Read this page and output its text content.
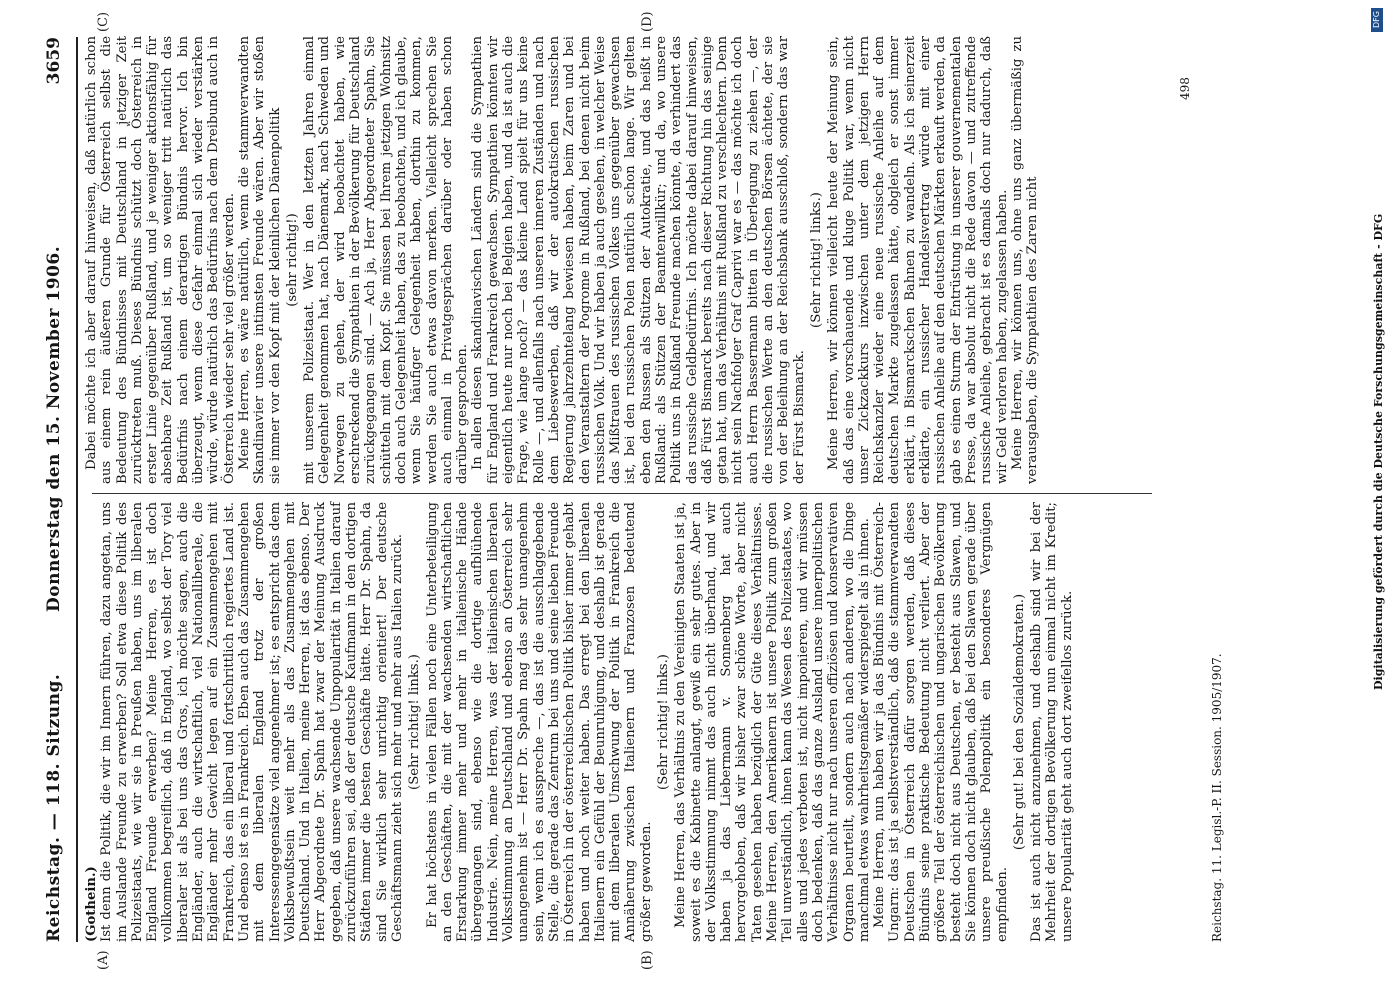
Reichstag. — 118. Sitzung.
Donnerstag den 15. November 1906.
3659

(Gothein.) Ist denn die Politik, die wir im Innern führen, dazu angetan, uns im Auslande Freunde zu erwerben? Soll etwa diese Politik des Polizeistaats, wie wir sie in Preußen haben, uns im liberalen England Freunde erwerben? Meine Herren, es ist doch vollkommen begreiflich, daß in England, wo selbst der Tory viel liberaler ist als bei uns das Gros, ich möchte sagen, auch die Engländer, auch die wirtschaftlich, viel Nationalliberale, die Engländer mehr Gewicht legen auf ein Zusammengehen mit Frankreich, das ein liberal und fortschrittlich regiertes Land ist. Und ebenso ist es in Frankreich. Eben auch das Zusammengehen mit dem liberalen England trotz der großen Interessengegensätze viel angenehmer ist; es entspricht das dem Volksbewußtsein weit mehr als das Zusammengehen mit Deutschland. Und in Italien, meine Herren, ist das ebenso. Der Herr Abgeordnete Dr. Spahn hat zwar der Meinung Ausdruck gegeben, daß unsere wachsende Unpopularität in Italien darauf zurückzuführen sei, daß der deutsche Kaufmann in den dortigen Städten immer die besten Geschäfte hätte. Herr Dr. Spahn, da sind Sie wirklich sehr unrichtig orientiert! Der deutsche Geschäftsmann zieht sich mehr und mehr aus Italien zurück. (Sehr richtig! links.) Er hat höchstens in vielen Fällen noch eine Unterbeteiligung an den Geschäften, die mit der wachsenden wirtschaftlichen Erstarkung immer mehr und mehr in italienische Hände übergegangen sind, ebenso wie die dortige aufblühende Industrie. Nein, meine Herren, was der italienischen liberalen Volksstimmung an Deutschland und ebenso an Österreich sehr unangenehm ist — Herr Dr. Spahn mag das sehr unangenehm sein, wenn ich es ausspreche —, das ist die ausschlaggebende Stelle, die gerade das Zentrum bei uns und seine lieben Freunde in Österreich in der österreichischen Politik bisher immer gehabt haben und noch weiter haben. Das erregt bei den liberalen Italienern ein Gefühl der Beunruhigung, und deshalb ist gerade mit dem liberalen Umschwung der Politik in Frankreich die Annäherung zwischen Italienern und Franzosen bedeutend größer geworden.

(Sehr richtig! links.) Meine Herren, das Verhältnis zu den Vereinigten Staaten ist ja, soweit es die Kabinette anlangt, gewiß ein sehr gutes. Aber in der Volksstimmung nimmt das auch nicht überhand, und wir haben ja das Liebermann v. Sonnenberg hat auch hervorgehoben, daß wir bisher zwar schöne Worte, aber nicht Taten gesehen haben bezüglich der Güte dieses Verhältnisses. Meine Herren, den Amerikanern ist unsere Politik zum großen Teil unverständlich, ihnen kann das Wesen des Polizeistaates, wo alles und jedes verboten ist, nicht imponieren, und wir müssen doch bedenken, daß das ganze Ausland unsere innerpolitischen Verhältnisse nicht nur nach unseren offiziösen und konservativen Organen beurteilt, sondern auch nach anderen, wo die Dinge manchmal etwas wahrheitsgemäßer widerspiegelt als in ihnen. Meine Herren, nun haben wir ja das Bündnis mit Österreich-Ungarn: das ist ja selbstverständlich, daß die stammverwandten Deutschen in Österreich dafür sorgen werden, daß dieses Bündnis seine praktische Bedeutung nicht verliert. Aber der größere Teil der österreichischen und ungarischen Bevölkerung besteht doch nicht aus Deutschen, er besteht aus Slawen, und Sie können doch nicht glauben, daß bei den Slawen gerade über unsere preußische Polenpolitik ein besonderes Vergnügen empfinden.

(Sehr gut! bei den Sozialdemokraten.) Das ist auch nicht anzunehmen, und deshalb sind wir bei der Mehrheit der dortigen Bevölkerung nun einmal nicht im Kredit; unsere Popularität geht auch dort zweifellos zurück.

Dabei möchte ich aber darauf hinweisen, daß natürlich schon aus einem rein äußeren Grunde für Österreich selbst die Bedeutung des Bündnisses mit Deutschland in jetziger Zeit zurücktreten muß. Dieses Bündnis schützt doch Österreich in erster Linie gegenüber Rußland, und je weniger aktionsfähig für absehbare Zeit Rußland ist, um so weniger tritt natürlich das Bedürfnis nach einem derartigen Bündnis hervor. Ich bin überzeugt, wenn diese Gefahr einmal sich wieder verstärken würde, würde natürlich das Bedürfnis nach dem Dreibund auch in Österreich wieder sehr viel größer werden. Meine Herren, es wäre natürlich, wenn die stammverwandten Skandinavier unsere intimsten Freunde wären. Aber wir stoßen sie immer vor den Kopf mit der kleinlichen Dänenpolitik (sehr richtig!) mit unserem Polizeistaat. Wer in den letzten Jahren einmal Gelegenheit genommen hat, nach Dänemark, nach Schweden und Norwegen zu gehen, der wird beobachtet haben, wie erschreckend die Sympathien in der Bevölkerung für Deutschland zurückgegangen sind. — Ach ja, Herr Abgeordneter Spahn, Sie schütteln mit dem Kopf. Sie müssen bei Ihrem jetzigen Wohnsitz doch auch Gelegenheit haben, das zu beobachten, und ich glaube, wenn Sie häufiger Gelegenheit haben, dorthin zu kommen, werden Sie auch etwas davon merken. Vielleicht sprechen Sie auch einmal in Privatgesprächen darüber oder haben schon darüber gesprochen. In allen diesen skandinavischen Ländern sind die Sympathien für England und Frankreich gewachsen. Sympathien könnten wir eigentlich heute nur noch bei Belgien haben, und da ist auch die Frage, wie lange noch? — das kleine Land spielt für uns keine Rolle —, und allenfalls nach unseren inneren Zuständen und nach dem Liebeswerben, daß wir der autokratischen russischen Regierung jahrzehntelang bewiesen haben, beim Zaren und bei den Veranstaltern der Pogrome in Rußland, bei denen nicht beim russischen Volk. Und wir haben ja auch gesehen, in welcher Weise das Mißtrauen des russischen Volkes uns gegenüber gewachsen ist, bei den russischen Polen natürlich schon lange. Wir gelten eben den Russen als Stützen der Autokratie, und das heißt in Rußland: als Stützen der Beamtenwillkür; und da, wo unsere Politik uns in Rußland Freunde machen könnte, da verhindert das das russische Geldbedürfnis. Ich möchte dabei darauf hinweisen, daß Fürst Bismarck bereits nach dieser Richtung hin das seinige getan hat, um das Verhältnis mit Rußland zu verschlechtern. Denn nicht sein Nachfolger Graf Caprivi war es — das möchte ich doch auch Herrn Bassermann bitten in Überlegung zu ziehen —, der die russischen Werte an den deutschen Börsen ächtete, der sie von der Beleihung an der Reichsbank ausschloß, sondern das war der Fürst Bismarck.

(Sehr richtig! links.) Meine Herren, wir können vielleicht heute der Meinung sein, daß das eine vorschauende und kluge Politik war, wenn nicht unser Zickzackkurs inzwischen unter dem jetzigen Herrn Reichskanzler wieder eine neue russische Anleihe auf dem deutschen Markte zugelassen hätte, obgleich er sonst immer erklärt, in Bismarckschen Bahnen zu wandeln. Als ich seinerzeit erklärte, ein russischer Handelsvertrag würde mit einer russischen Anleihe auf den deutschen Märkten erkauft werden, da gab es einen Sturm der Entrüstung in unserer gouvernementalen Presse, da war absolut nicht die Rede davon — und zutreffende russische Anleihe, gebracht ist es damals doch nur dadurch, daß wir Geld verloren haben, zugelassen haben. Meine Herren, wir können uns, ohne uns ganz übermäßig zu verausgaben, die Sympathien des Zaren nicht

(A)	(B)
(C)	(D)
Reichstag. 11. Legisl.-P. II. Session. 1905/1907.
498
Digitalisierung gefördert durch die Deutsche Forschungsgemeinschaft - DFG
DFG
